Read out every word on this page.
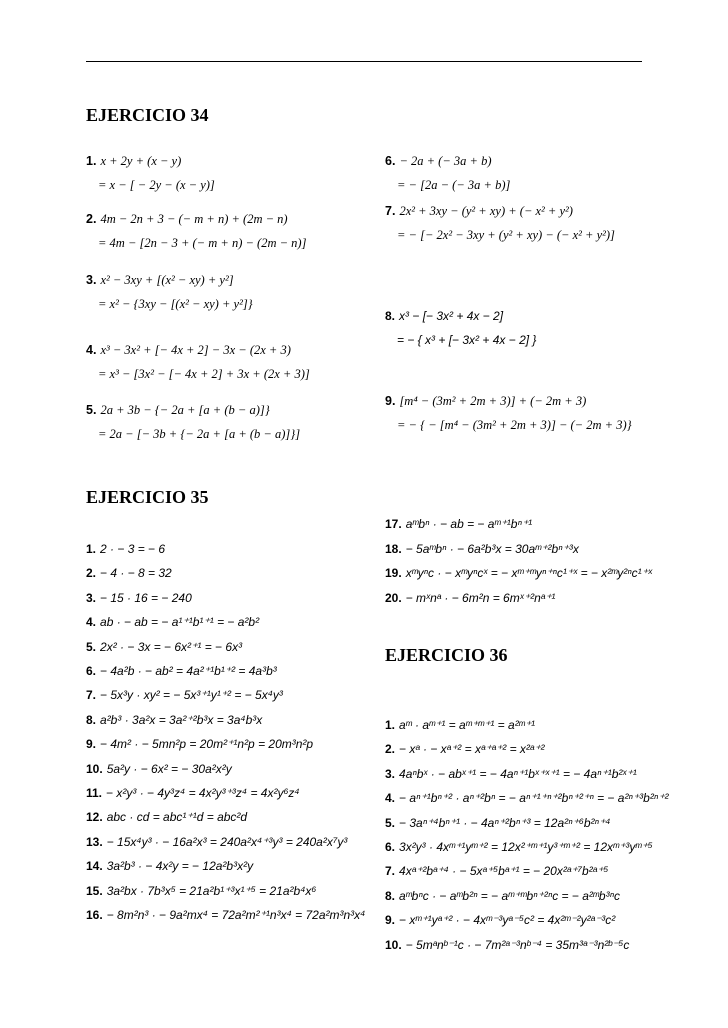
EJERCICIO 34
1. x + 2y + (x − y)
= x − [ − 2y − (x − y)]
2. 4m − 2n + 3 − (− m + n) + (2m − n)
= 4m − [2n − 3 + (− m + n) − (2m − n)]
3. x² − 3xy + [(x² − xy) + y²]
= x² − {3xy − [(x² − xy) + y²]}
4. x³ − 3x² + [− 4x + 2] − 3x − (2x + 3)
= x³ − [3x² − [− 4x + 2] + 3x + (2x + 3)]
5. 2a + 3b − {− 2a + [a + (b − a)]}
= 2a − [− 3b + {− 2a + [a + (b − a)]}]
6. − 2a + (− 3a + b)
= − [2a − (− 3a + b)]
7. 2x² + 3xy − (y² + xy) + (− x² + y²)
= − [− 2x² − 3xy + (y² + xy) − (− x² + y²)]
8. x³ − [− 3x² + 4x − 2]
= − { x³ + [− 3x² + 4x − 2] }
9. [m⁴ − (3m² + 2m + 3)] + (− 2m + 3)
= − { − [m⁴ − (3m² + 2m + 3)] − (− 2m + 3)}
EJERCICIO 35
1. 2 · − 3 = − 6
2. − 4 · − 8 = 32
3. − 15 · 16 = − 240
4. ab · − ab = − a¹⁺¹b¹⁺¹ = − a²b²
5. 2x² · − 3x = − 6x²⁺¹ = − 6x³
6. − 4a²b · − ab² = 4a²⁺¹b¹⁺² = 4a³b³
7. − 5x³y · xy² = − 5x³⁺¹y¹⁺² = − 5x⁴y³
8. a²b³ · 3a²x = 3a²⁺²b³x = 3a⁴b³x
9. − 4m² · − 5mn²p = 20m²⁺¹n²p = 20m³n²p
10. 5a²y · − 6x² = − 30a²x²y
11. − x²y³ · − 4y³z⁴ = 4x²y³⁺³z⁴ = 4x²y⁶z⁴
12. abc · cd = abc¹⁺¹d = abc²d
13. − 15x⁴y³ · − 16a²x³ = 240a²x⁴⁺³y³ = 240a²x⁷y³
14. 3a²b³ · − 4x²y = − 12a²b³x²y
15. 3a²bx · 7b³x⁵ = 21a²b¹⁺³x¹⁺⁵ = 21a²b⁴x⁶
16. − 8m²n³ · − 9a²mx⁴ = 72a²m²⁺¹n³x⁴ = 72a²m³n³x⁴
17. aᵐbⁿ · − ab = − aᵐ⁺¹bⁿ⁺¹
18. − 5aᵐbⁿ · − 6a²b³x = 30aᵐ⁺²bⁿ⁺³x
19. xᵐyⁿc · − xᵐyⁿcˣ = − xᵐ⁺ᵐyⁿ⁺ⁿc¹⁺ˣ = − x²ᵐy²ⁿc¹⁺ˣ
20. − mˣnᵃ · − 6m²n = 6mˣ⁺²nᵃ⁺¹
EJERCICIO 36
1. aᵐ · aᵐ⁺¹ = aᵐ⁺ᵐ⁺¹ = a²ᵐ⁺¹
2. − xᵃ · − xᵃ⁺² = xᵃ⁺ᵃ⁺² = x²ᵃ⁺²
3. 4aⁿbˣ · − abˣ⁺¹ = − 4aⁿ⁺¹bˣ⁺ˣ⁺¹ = − 4aⁿ⁺¹b²ˣ⁺¹
4. − aⁿ⁺¹bⁿ⁺² · aⁿ⁺²bⁿ = − aⁿ⁺¹⁺ⁿ⁺²bⁿ⁺²⁺ⁿ = − a²ⁿ⁺³b²ⁿ⁺²
5. − 3aⁿ⁺⁴bⁿ⁺¹ · − 4aⁿ⁺²bⁿ⁺³ = 12a²ⁿ⁺⁶b²ⁿ⁺⁴
6. 3x²y³ · 4xᵐ⁺¹yᵐ⁺² = 12x²⁺ᵐ⁺¹y³⁺ᵐ⁺² = 12xᵐ⁺³yᵐ⁺⁵
7. 4xᵃ⁺²bᵃ⁺⁴ · − 5xᵃ⁺⁵bᵃ⁺¹ = − 20x²ᵃ⁺⁷b²ᵃ⁺⁵
8. aᵐbⁿc · − aᵐb²ⁿ = − aᵐ⁺ᵐbⁿ⁺²ⁿc = − a²ᵐb³ⁿc
9. − xᵐ⁺¹yᵃ⁺² · − 4xᵐ⁻³yᵃ⁻⁵c² = 4x²ᵐ⁻²y²ᵃ⁻³c²
10. − 5mᵃnᵇ⁻¹c · − 7m²ᵃ⁻³nᵇ⁻⁴ = 35m³ᵃ⁻³n²ᵇ⁻⁵c
